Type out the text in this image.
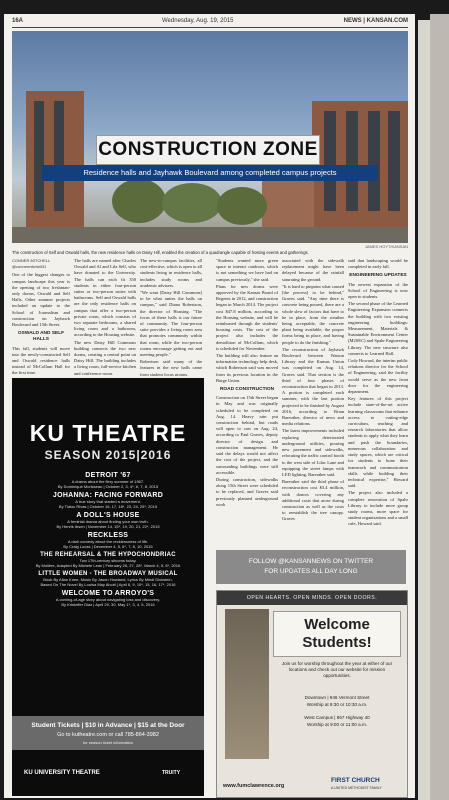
16A	Wednesday, Aug. 19, 2015	NEWS | KANSAN.COM
CONSTRUCTION ZONE
Residence halls and Jayhawk Boulevard among completed campus projects
JAMES HOYT/KANSAN
The construction of Self and Oswald halls, the new residence halls on Daisy Hill, enabled the creation of a quadrangle capable of hosting events and gatherings.
CONNER MITCHELL
@connermitchell31

One of the biggest changes to campus landscape this year is the opening of two freshman-only dorms, Oswald and Self Halls. Other summer projects included an update to the School of Journalism and construction on Jayhawk Boulevard and 15th Street.

OSWALD AND SELF HALLS

This fall, students will move into the newly-constructed Self and Oswald residence halls instead of McCollum Hall for the first time.

The halls are named after Charles Oswald and Al and Lila Self, who have donated to the University. The halls can each fit 350 students in either four-person suites or two-person suites with bathrooms. Self and Oswald halls are the only residence halls on campus that offer a two-person private room, which consists of two separate bedrooms, a shared living room and a bathroom, according to the Housing website.

The new Daisy Hill Commons building connects the two new dorms, creating a central point on Daisy Hill. The building includes a living room, full-service kitchen and conference room.

The new-to-campus facilities, all cost-effective, which is open to all students living in residence halls, includes study rooms and academic advisers.

"We want [Daisy Hill Commons] to be what unites the halls on campus," said Diana Robertson, the director of Housing. "The focus of these halls is our future of community. The four-person suite provides a living room area that promotes community within that room, while the two-person rooms encourage getting out and meeting people."

Robertson said many of the features in the new halls came from student focus groups.

"Students wanted more green space to interact outdoors, which is not something we have had on campus previously," she said.

Plans for new dorms were approved by the Kansas Board of Regents in 2012, and construction began in March 2014. The project cost $47.8 million, according to the Housing website, and will be reimbursed through the students' housing costs. The cost of the project also includes the demolition of McCollum, which is scheduled for November.

The building will also feature an information technology help desk, which Robertson said was moved from its previous location in the Burge Union.

ROAD CONSTRUCTION

Construction on 15th Street began in May and was originally scheduled to be completed on Aug. 14. Heavy rain put construction behind, but roads will open to cars on Aug. 24, according to Paul Graves, deputy director of design and construction management. He said the delays would not affect the cost of the project, and the surrounding buildings were still accessible.

During construction, sidewalks along 15th Street were scheduled to be replaced, and Graves said previously planned underground work

associated with the sidewalk replacement might have been delayed because of the rainfall saturating the ground.

"It is hard to pinpoint what caused [the process] to be behind," Graves said. "Any time there is concrete being poured, there are a whole slew of factors that have to be in place, from the weather being acceptable, the concrete plant being available, the proper forms being in place, and having people to do the finishing."

The reconstruction of Jayhawk Boulevard between Watson Library and the Kansas Union was completed on Aug. 14, Graves said. That section is the third of four phases of reconstruction that began in 2013. A portion is completed each summer, with the last portion projected to be finished by August 2016, according to Brian Bareuther, director of news and media relations.

The latest improvements included replacing deteriorated underground utilities, pouring new pavement and sidewalks, relocating the traffic control booth to the west side of Lilac Lane and equipping the street lamps with LED lighting, Bareuther said.

Bareuther said the third phase of reconstruction cost $3.4 million, with donors covering any additional costs that arose during construction as well as the costs to reestablish the tree canopy. Graves

said that landscaping would be completed in early fall.

ENGINEERING UPDATES

The newest expansion of the School of Engineering is now open to students.

The second phase of the Learned Engineering Expansion connects the building with two existing engineering buildings: Measurement, Materials & Sustainable Environment Center (M2SEC) and Spahr Engineering Library. The new structure also connects to Learned Hall.

Cody Howard, the interim public relations director for the School of Engineering, said the facility would serve as the new front door for the engineering department.

Key features of this project include state-of-the-art active learning classrooms that enhance access to cutting-edge curriculum, teaching and research laboratories that allow students to apply what they learn and push the boundaries, numerous collaboration and study spaces, which are critical for students to hone their teamwork and communication skills while building their technical expertise," Howard said.

The project also included a complete renovation of Spahr Library to include more group study rooms, more space for student organizations and a small cafe, Howard said.

KU THEATRE
SEASON 2015|2016
DETROIT '67
A drama about the fiery summer of 1967.
By Dominique Morisseau | October 2, 3, 4*, 6, 7, 8, 2015
JOHANNA: FACING FORWARD
A true story that started a movement.
By Tlaloc Rivas | October 16, 17, 18*, 23, 24, 25*, 2015
A DOLL'S HOUSE
A feminist drama about finding your own truth.
By Henrik Ibsen | November 14, 15*, 19, 20, 21, 22*, 2015
RECKLESS
A dark comedy about the recklessness of life.
By Craig Lucas | December 4, 5, 6*, 7, 8, 10, 2015
THE REHEARSAL & THE HYPOCHONDRIAC
Two 17th-century sitcoms today.
By Molière, Adapted By Michele Lean | February 26, 27, 28*, March 4, 5, 6*, 2016
LITTLE WOMEN - THE BROADWAY MUSICAL
Book By Allan Knee, Music By Jason Howland, Lyrics By Mindi Dickstein,
Based On The Novel By Louisa May Alcott | April 8, 9, 10*, 15, 16, 17*, 2016
WELCOME TO ARROYO'S
A coming-of-age story about navigating loss and discovery.
By Kristoffer Diaz | April 29, 30, May 1*, 3, 4, 5, 2016
Student Tickets | $10 in Advance | $15 at the Door
Go to kutheatre.com or call 785-864-3982
for season ticket information
KU UNIVERSITY THEATRE	TRUITY
FOLLOW @KANSANNEWS ON TWITTER
FOR UPDATES ALL DAY LONG
OPEN HEARTS. OPEN MINDS. OPEN DOORS.
Welcome
Students!
Join us for worship throughout the year at either of our locations and check out our website for mission opportunities.
Downtown | 946 Vermont Street
Worship at 9:30 or 10:30 a.m.
West Campus | 867 Highway 40
Worship at 9:00 or 11:00 a.m.
www.fumclawrence.org
FIRST CHURCH
A UNITED METHODIST FAMILY
